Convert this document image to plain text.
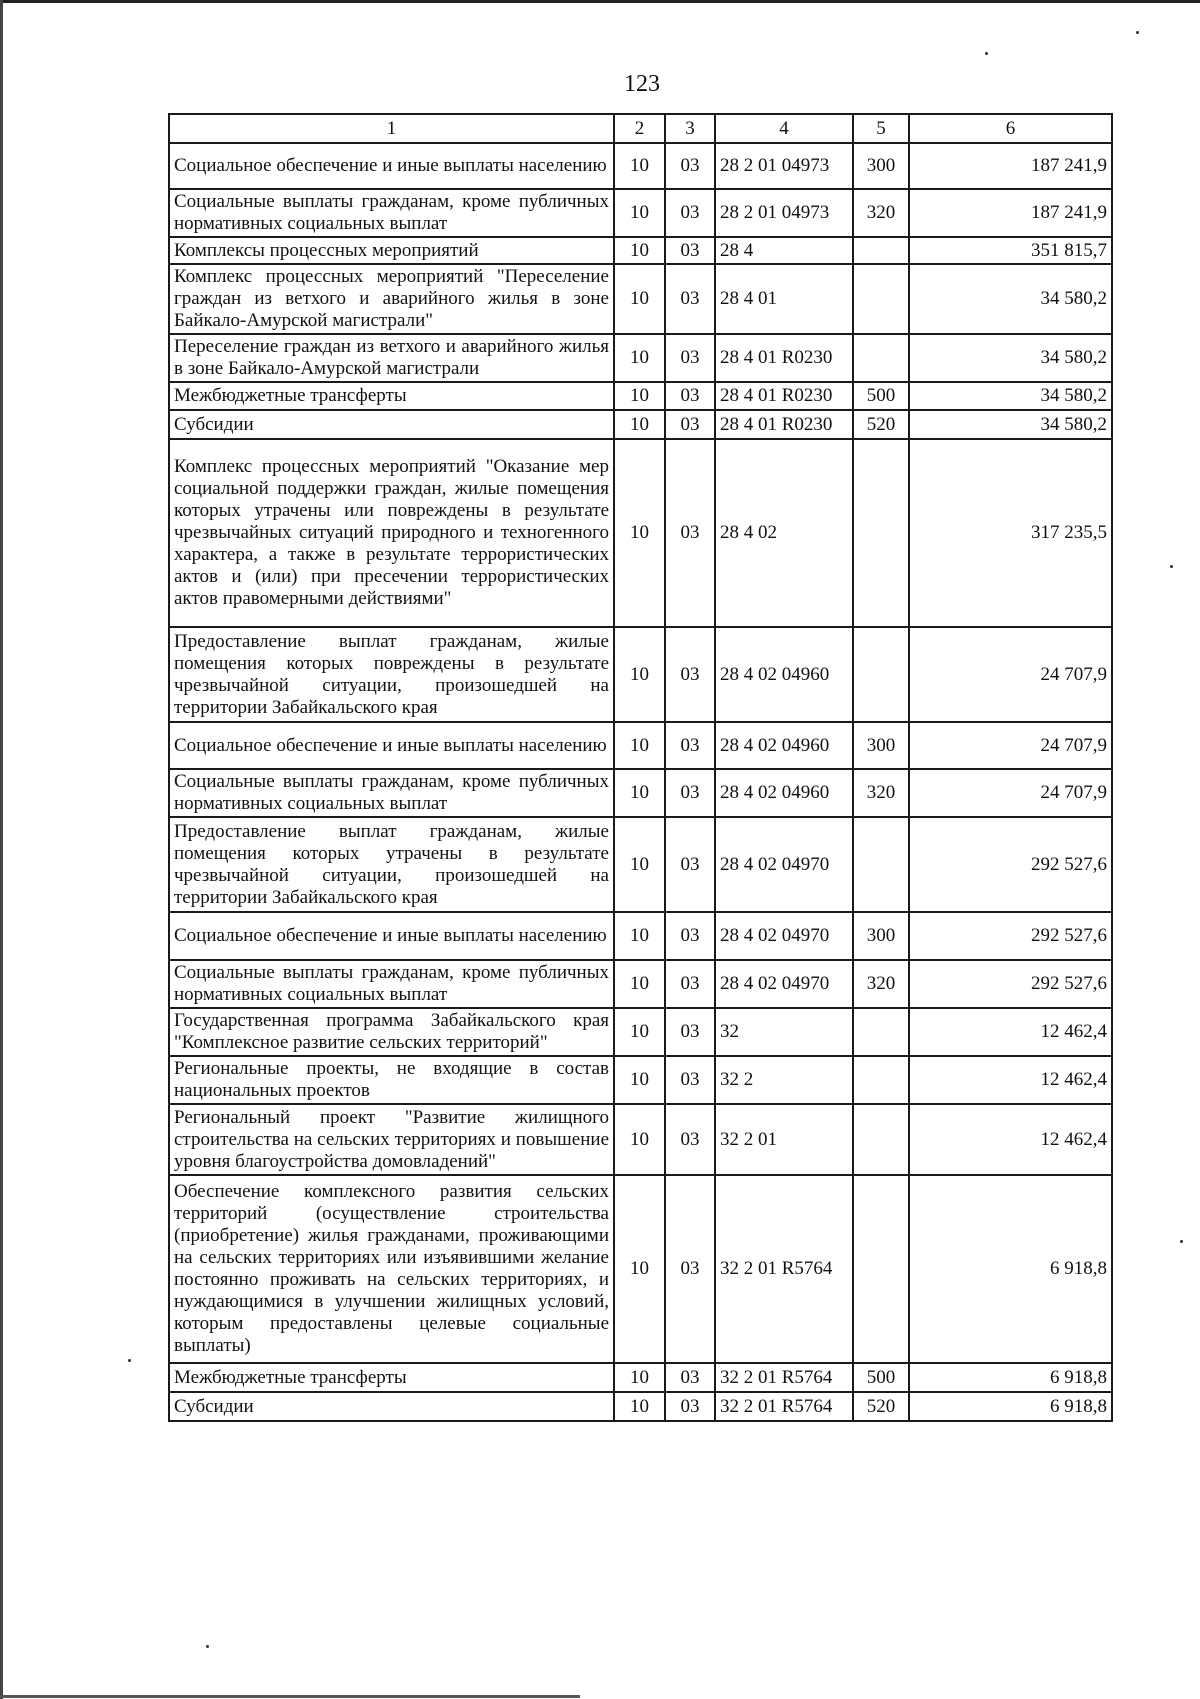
123
1	2	3	4	5	6
Социальное обеспечение и иные выплаты населению	10	03	28 2 01 04973	300	187 241,9
Социальные выплаты гражданам, кроме публичных нормативных социальных выплат	10	03	28 2 01 04973	320	187 241,9
Комплексы процессных мероприятий	10	03	28 4		351 815,7
Комплекс процессных мероприятий "Переселение граждан из ветхого и аварийного жилья в зоне Байкало-Амурской магистрали"	10	03	28 4 01		34 580,2
Переселение граждан из ветхого и аварийного жилья в зоне Байкало-Амурской магистрали	10	03	28 4 01 R0230		34 580,2
Межбюджетные трансферты	10	03	28 4 01 R0230	500	34 580,2
Субсидии	10	03	28 4 01 R0230	520	34 580,2
Комплекс процессных мероприятий "Оказание мер социальной поддержки граждан, жилые помещения которых утрачены или повреждены в результате чрезвычайных ситуаций природного и техногенного характера, а также в результате террористических актов и (или) при пресечении террористических актов правомерными действиями"	10	03	28 4 02		317 235,5
Предоставление выплат гражданам, жилые помещения которых повреждены в результате чрезвычайной ситуации, произошедшей на территории Забайкальского края	10	03	28 4 02 04960		24 707,9
Социальное обеспечение и иные выплаты населению	10	03	28 4 02 04960	300	24 707,9
Социальные выплаты гражданам, кроме публичных нормативных социальных выплат	10	03	28 4 02 04960	320	24 707,9
Предоставление выплат гражданам, жилые помещения которых утрачены в результате чрезвычайной ситуации, произошедшей на территории Забайкальского края	10	03	28 4 02 04970		292 527,6
Социальное обеспечение и иные выплаты населению	10	03	28 4 02 04970	300	292 527,6
Социальные выплаты гражданам, кроме публичных нормативных социальных выплат	10	03	28 4 02 04970	320	292 527,6
Государственная программа Забайкальского края "Комплексное развитие сельских территорий"	10	03	32		12 462,4
Региональные проекты, не входящие в состав национальных проектов	10	03	32 2		12 462,4
Региональный проект "Развитие жилищного строительства на сельских территориях и повышение уровня благоустройства домовладений"	10	03	32 2 01		12 462,4
Обеспечение комплексного развития сельских территорий (осуществление строительства (приобретение) жилья гражданами, проживающими на сельских территориях или изъявившими желание постоянно проживать на сельских территориях, и нуждающимися в улучшении жилищных условий, которым предоставлены целевые социальные выплаты)	10	03	32 2 01 R5764		6 918,8
Межбюджетные трансферты	10	03	32 2 01 R5764	500	6 918,8
Субсидии	10	03	32 2 01 R5764	520	6 918,8
